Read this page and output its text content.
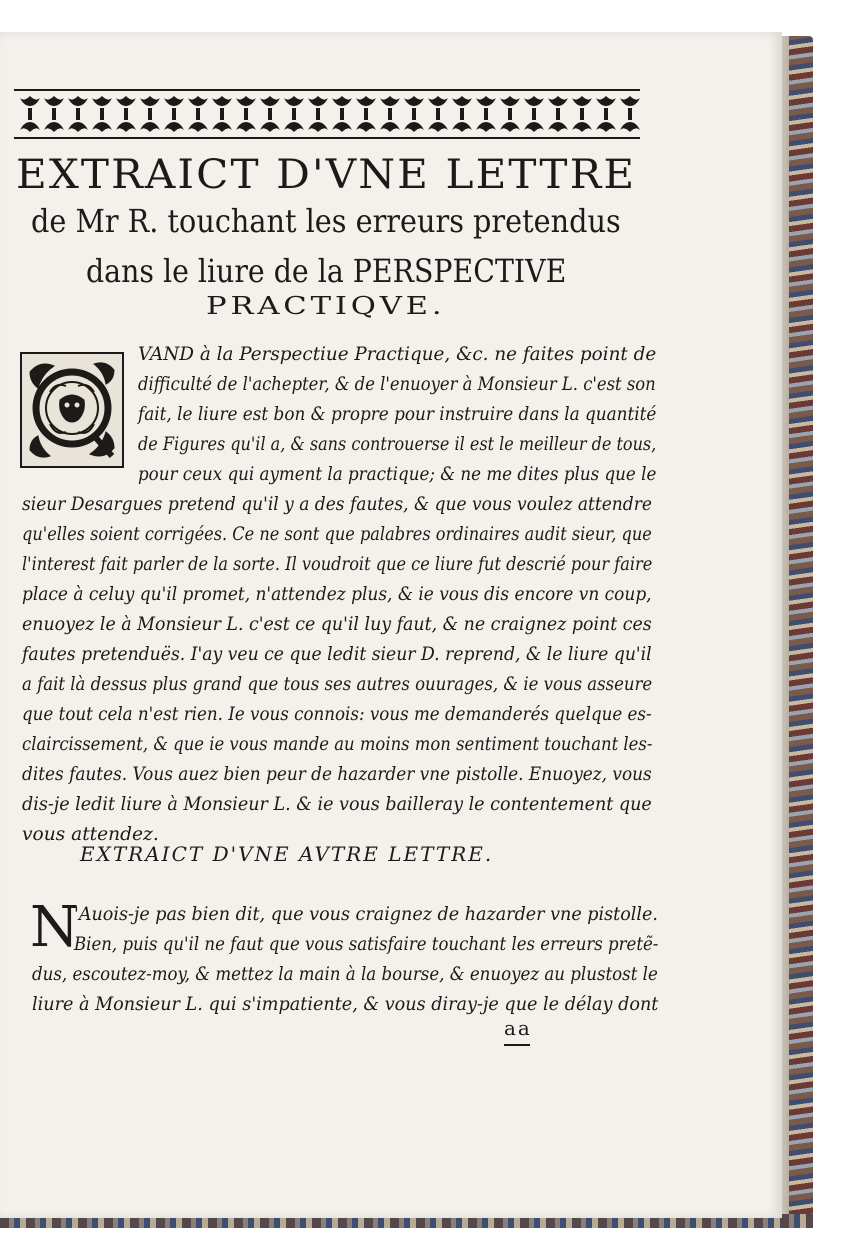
EXTRAICT D'VNE LETTRE
de Mr R. touchant les erreurs pretendus
dans le liure de la PERSPECTIVE
PRACTIQVE.
VAND à la Perspectiue Practique, &c. ne faites point de
difficulté de l'achepter, & de l'enuoyer à Monsieur L. c'est son
fait, le liure est bon & propre pour instruire dans la quantité
de Figures qu'il a, & sans controuerse il est le meilleur de tous,
pour ceux qui ayment la practique; & ne me dites plus que le
sieur Desargues pretend qu'il y a des fautes, & que vous voulez attendre
qu'elles soient corrigées. Ce ne sont que palabres ordinaires audit sieur, que
l'interest fait parler de la sorte. Il voudroit que ce liure fut descrié pour faire
place à celuy qu'il promet, n'attendez plus, & ie vous dis encore vn coup,
enuoyez le à Monsieur L. c'est ce qu'il luy faut, & ne craignez point ces
fautes pretenduës. I'ay veu ce que ledit sieur D. reprend, & le liure qu'il
a fait là dessus plus grand que tous ses autres ouurages, & ie vous asseure
que tout cela n'est rien. Ie vous connois: vous me demanderés quelque es-
claircissement, & que ie vous mande au moins mon sentiment touchant les-
dites fautes. Vous auez bien peur de hazarder vne pistolle. Enuoyez, vous
dis-je ledit liure à Monsieur L. & ie vous bailleray le contentement que
vous attendez.
EXTRAICT D'VNE AVTRE LETTRE.
N
'Auois-je pas bien dit, que vous craignez de hazarder vne pistolle.
Bien, puis qu'il ne faut que vous satisfaire touchant les erreurs pretẽ-
dus, escoutez-moy, & mettez la main à la bourse, & enuoyez au plustost le
liure à Monsieur L. qui s'impatiente, & vous diray-je que le délay dont
aa
